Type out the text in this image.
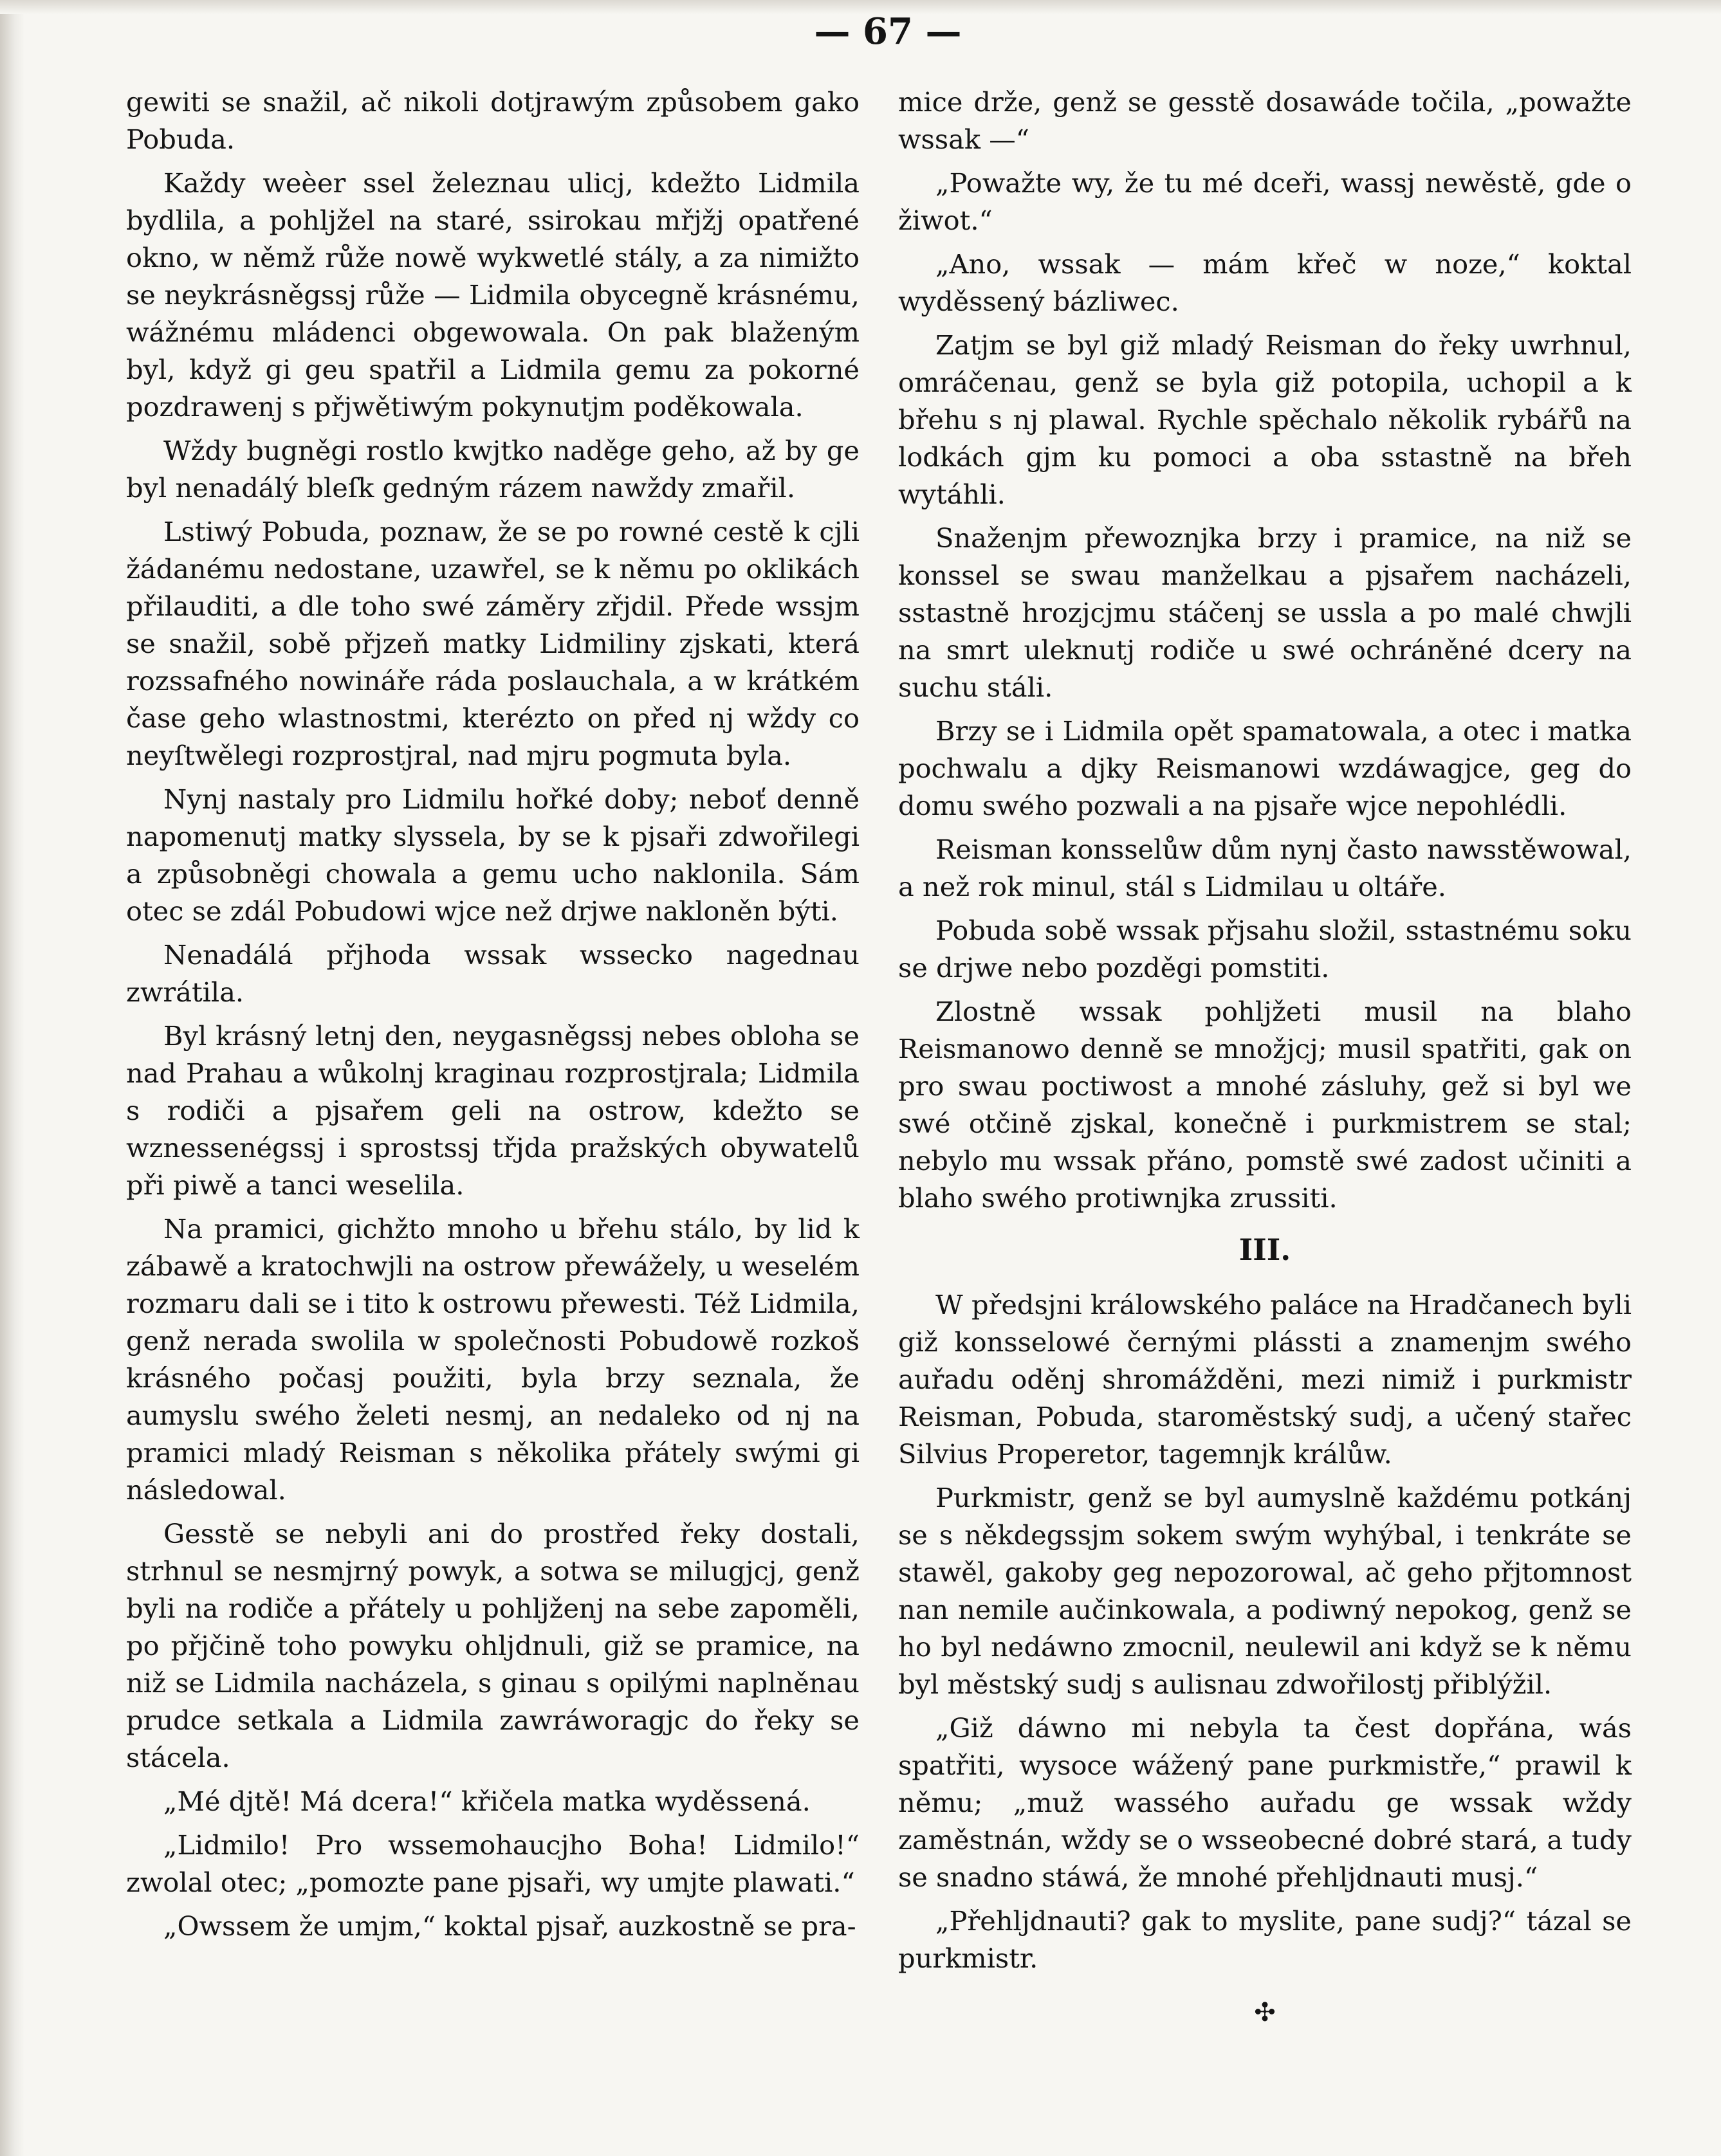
— 67 —

gewiti se snažil, ač nikoli dotjrawým způsobem gako Pobuda.

Každy weèer ssel železnau ulicj, kdežto Lidmila bydlila, a pohljžel na staré, ssirokau mřjžj opatřené okno, w němž růže nowě wykwetlé stály, a za nimižto se neykrásněgssj růže — Lidmila obycegně krásnému, wážnému mládenci obgewowala. On pak blaženým byl, když gi geu spatřil a Lidmila gemu za pokorné pozdrawenj s přjwětiwým pokynutjm poděkowala.

Wždy bugněgi rostlo kwjtko naděge geho, až by ge byl nenadálý bleſk gedným rázem nawždy zmařil.

Lstiwý Pobuda, poznaw, že se po rowné cestě k cjli žádanému nedostane, uzawřel, se k němu po oklikách přilauditi, a dle toho swé záměry zřjdil. Přede wssjm se snažil, sobě přjzeň matky Lidmiliny zjskati, která rozssafného nowináře ráda poslauchala, a w krátkém čase geho wlastnostmi, kterézto on před nj wždy co neyſtwělegi rozprostjral, nad mjru pogmuta byla.

Nynj nastaly pro Lidmilu hořké doby; neboť denně napomenutj matky slyssela, by se k pjsaři zdwořilegi a způsobněgi chowala a gemu ucho naklonila. Sám otec se zdál Pobudowi wjce než drjwe nakloněn býti.

Nenadálá přjhoda wssak wssecko nagednau zwrátila.

Byl krásný letnj den, neygasněgssj nebes obloha se nad Prahau a wůkolnj kraginau rozprostjrala; Lidmila s rodiči a pjsařem geli na ostrow, kdežto se wznessenégssj i sprostssj třjda pražských obywatelů při piwě a tanci weselila.

Na pramici, gichžto mnoho u břehu stálo, by lid k zábawě a kratochwjli na ostrow přewážely, u weselém rozmaru dali se i tito k ostrowu přewesti. Též Lidmila, genž nerada swolila w společnosti Pobudowě rozkoš krásného počasj použiti, byla brzy seznala, že aumyslu swého želeti nesmj, an nedaleko od nj na pramici mladý Reisman s několika přátely swými gi následowal.

Gesstě se nebyli ani do prostřed řeky dostali, strhnul se nesmjrný powyk, a sotwa se milugjcj, genž byli na rodiče a přátely u pohljženj na sebe zapoměli, po přjčině toho powyku ohljdnuli, giž se pramice, na niž se Lidmila nacházela, s ginau s opilými naplněnau prudce setkala a Lidmila zawráworagjc do řeky se stácela.

„Mé djtě! Má dcera!“ křičela matka wyděssená.

„Lidmilo! Pro wssemohaucjho Boha! Lidmilo!“ zwolal otec; „pomozte pane pjsaři, wy umjte plawati.“

„Owssem že umjm,“ koktal pjsař, auzkostně se pra-

mice drže, genž se gesstě dosawáde točila, „powažte wssak —“

„Powažte wy, že tu mé dceři, wassj newěstě, gde o žiwot.“

„Ano, wssak — mám křeč w noze,“ koktal wyděssený bázliwec.

Zatjm se byl giž mladý Reisman do řeky uwrhnul, omráčenau, genž se byla giž potopila, uchopil a k břehu s nj plawal. Rychle spěchalo několik rybářů na lodkách gjm ku pomoci a oba sstastně na břeh wytáhli.

Snaženjm přewoznjka brzy i pramice, na niž se konssel se swau manželkau a pjsařem nacházeli, sstastně hrozjcjmu stáčenj se ussla a po malé chwjli na smrt uleknutj rodiče u swé ochráněné dcery na suchu stáli.

Brzy se i Lidmila opět spamatowala, a otec i matka pochwalu a djky Reismanowi wzdáwagjce, geg do domu swého pozwali a na pjsaře wjce nepohlédli.

Reisman konsselůw dům nynj často nawsstěwowal, a než rok minul, stál s Lidmilau u oltáře.

Pobuda sobě wssak přjsahu složil, sstastnému soku se drjwe nebo pozděgi pomstiti.

Zlostně wssak pohljžeti musil na blaho Reismanowo denně se množjcj; musil spatřiti, gak on pro swau poctiwost a mnohé zásluhy, gež si byl we swé otčině zjskal, konečně i purkmistrem se stal; nebylo mu wssak přáno, pomstě swé zadost učiniti a blaho swého protiwnjka zrussiti.

III.

W předsjni králowského paláce na Hradčanech byli giž konsselowé černými plássti a znamenjm swého auřadu oděnj shromážděni, mezi nimiž i purkmistr Reisman, Pobuda, staroměstský sudj, a učený stařec Silvius Properetor, tagemnjk králůw.

Purkmistr, genž se byl aumyslně každému potkánj se s někdegssjm sokem swým wyhýbal, i tenkráte se stawěl, gakoby geg nepozorowal, ač geho přjtomnost nan nemile aučinkowala, a podiwný nepokog, genž se ho byl nedáwno zmocnil, neulewil ani když se k němu byl městský sudj s aulisnau zdwořilostj přiblýžil.

„Giž dáwno mi nebyla ta čest dopřána, wás spatřiti, wysoce wážený pane purkmistře,“ prawil k němu; „muž wassého auřadu ge wssak wždy zaměstnán, wždy se o wsseobecné dobré stará, a tudy se snadno stáwá, že mnohé přehljdnauti musj.“

„Přehljdnauti? gak to myslite, pane sudj?“ tázal se purkmistr.

✣
